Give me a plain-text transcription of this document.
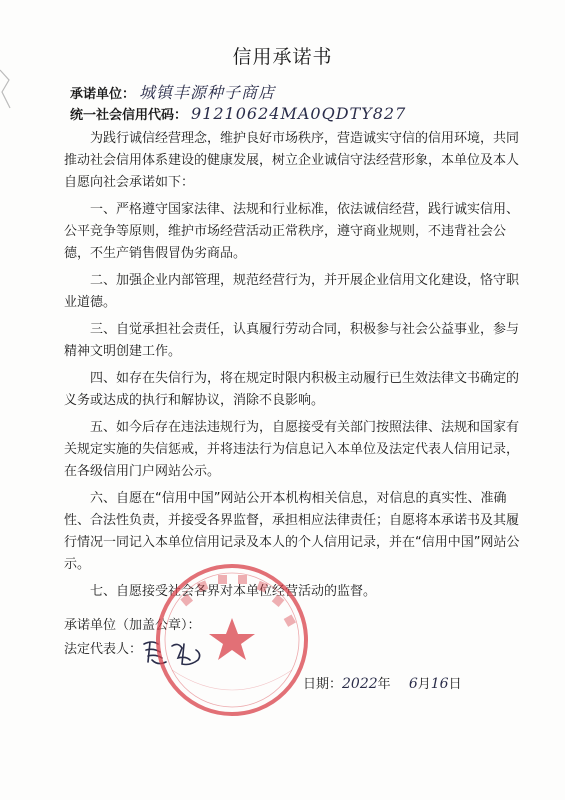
信用承诺书
承诺单位： 城镇丰源种子商店
统一社会信用代码： 91210624MA0QDTY827

为践行诚信经营理念，维护良好市场秩序，营造诚实守信的信用环境，共同推动社会信用体系建设的健康发展，树立企业诚信守法经营形象，本单位及本人自愿向社会承诺如下：

一、严格遵守国家法律、法规和行业标准，依法诚信经营，践行诚实信用、公平竞争等原则，维护市场经营活动正常秩序，遵守商业规则，不违背社会公德，不生产销售假冒伪劣商品。

二、加强企业内部管理，规范经营行为，并开展企业信用文化建设，恪守职业道德。

三、自觉承担社会责任，认真履行劳动合同，积极参与社会公益事业，参与精神文明创建工作。

四、如存在失信行为，将在规定时限内积极主动履行已生效法律文书确定的义务或达成的执行和解协议，消除不良影响。

五、如今后存在违法违规行为，自愿接受有关部门按照法律、法规和国家有关规定实施的失信惩戒，并将违法行为信息记入本单位及法定代表人信用记录，在各级信用门户网站公示。

六、自愿在“信用中国”网站公开本机构相关信息，对信息的真实性、准确性、合法性负责，并接受各界监督，承担相应法律责任；自愿将本承诺书及其履行情况一同记入本单位信用记录及本人的个人信用记录，并在“信用中国”网站公示。

七、自愿接受社会各界对本单位经营活动的监督。

承诺单位（加盖公章）：
法定代表人：
日期：2022年 6月16日
